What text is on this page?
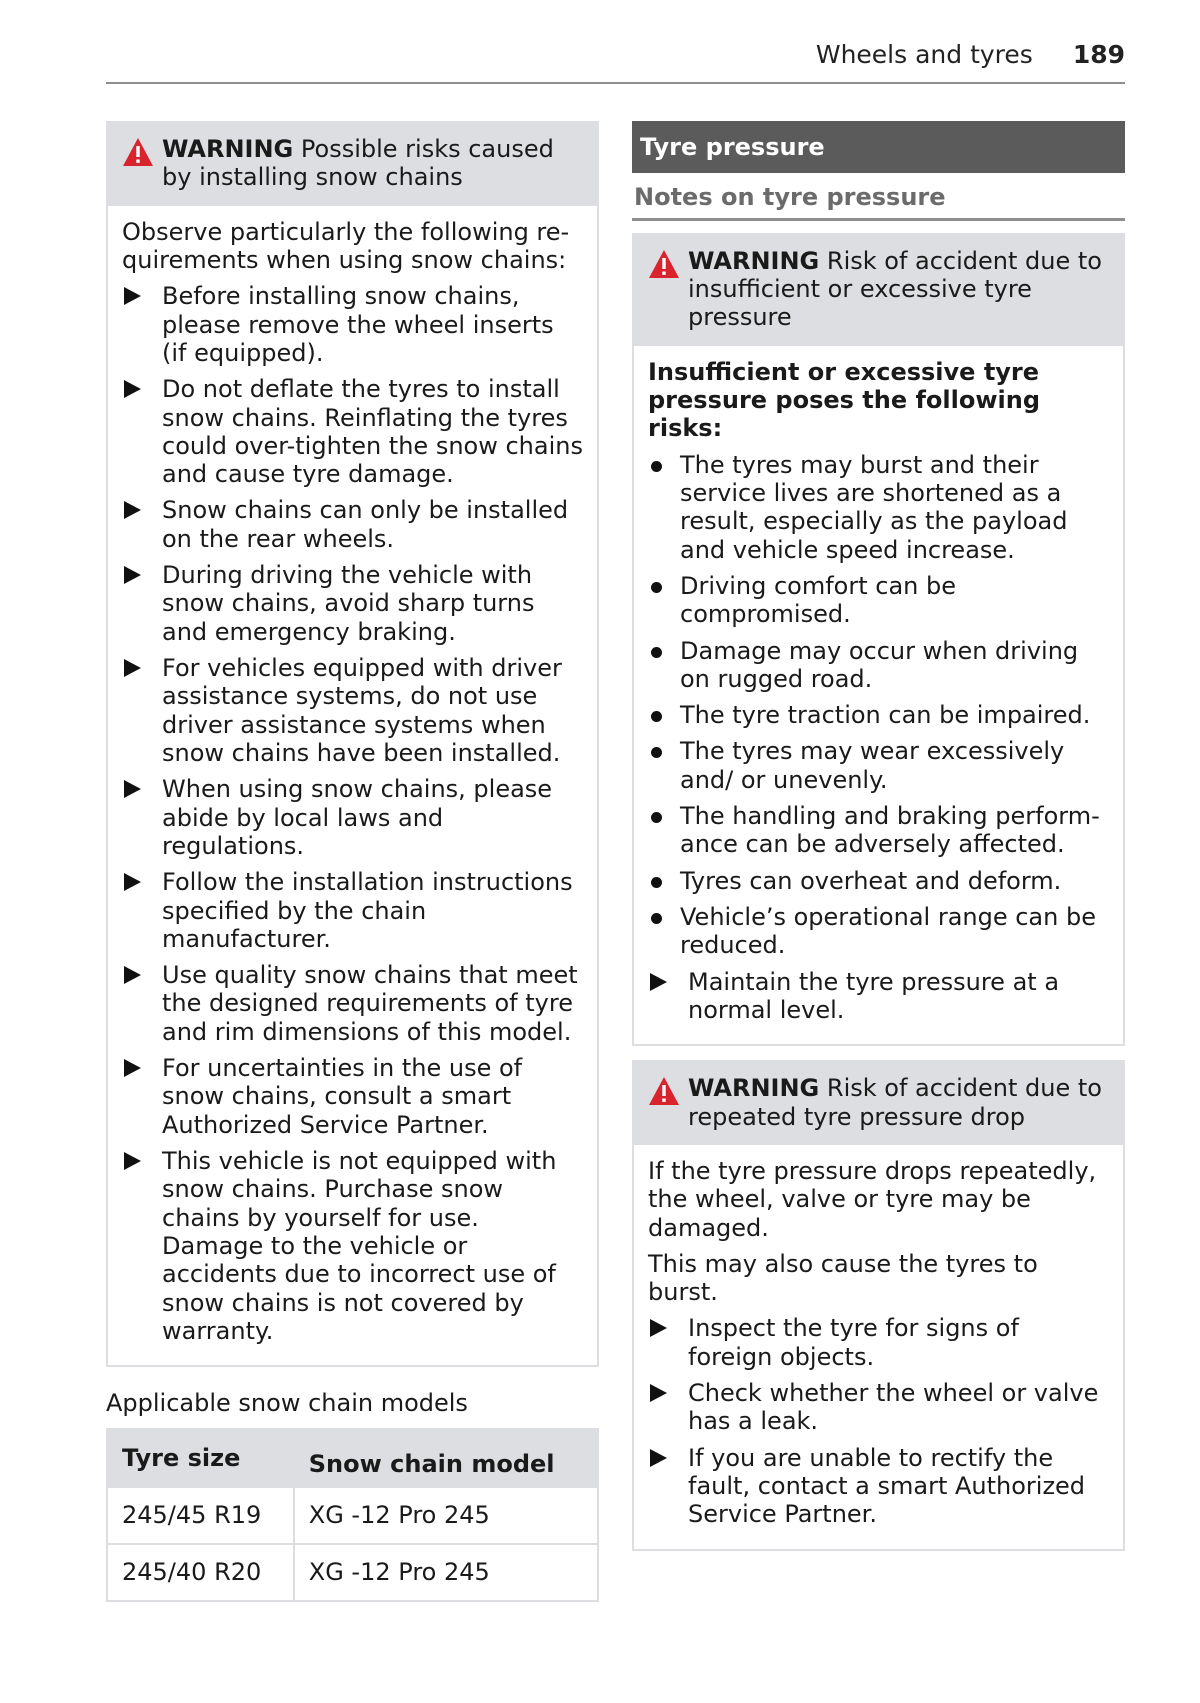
Wheels and tyres 189
WARNING Possible risks caused by installing snow chains

Observe particularly the following requirements when using snow chains:

Before installing snow chains, please remove the wheel inserts (if equipped).
Do not deflate the tyres to install snow chains. Reinflating the tyres could over-tighten the snow chains and cause tyre damage.
Snow chains can only be installed on the rear wheels.
During driving the vehicle with snow chains, avoid sharp turns and emergency braking.
For vehicles equipped with driver assistance systems, do not use driver assistance systems when snow chains have been installed.
When using snow chains, please abide by local laws and regulations.
Follow the installation instructions specified by the chain manufacturer.
Use quality snow chains that meet the designed requirements of tyre and rim dimensions of this model.
For uncertainties in the use of snow chains, consult a smart Authorized Service Partner.
This vehicle is not equipped with snow chains. Purchase snow chains by yourself for use. Damage to the vehicle or accidents due to incorrect use of snow chains is not covered by warranty.
Applicable snow chain models
Tyre size	Snow chain model
245/45 R19	XG -12 Pro 245
245/40 R20	XG -12 Pro 245
Tyre pressure
Notes on tyre pressure
WARNING Risk of accident due to insufficient or excessive tyre pressure

Insufficient or excessive tyre pressure poses the following risks:

The tyres may burst and their service lives are shortened as a result, especially as the payload and vehicle speed increase.
Driving comfort can be compromised.
Damage may occur when driving on rugged road.
The tyre traction can be impaired.
The tyres may wear excessively and/ or unevenly.
The handling and braking performance can be adversely affected.
Tyres can overheat and deform.
Vehicle’s operational range can be reduced.
Maintain the tyre pressure at a normal level.
WARNING Risk of accident due to repeated tyre pressure drop

If the tyre pressure drops repeatedly, the wheel, valve or tyre may be damaged.

This may also cause the tyres to burst.

Inspect the tyre for signs of foreign objects.
Check whether the wheel or valve has a leak.
If you are unable to rectify the fault, contact a smart Authorized Service Partner.
